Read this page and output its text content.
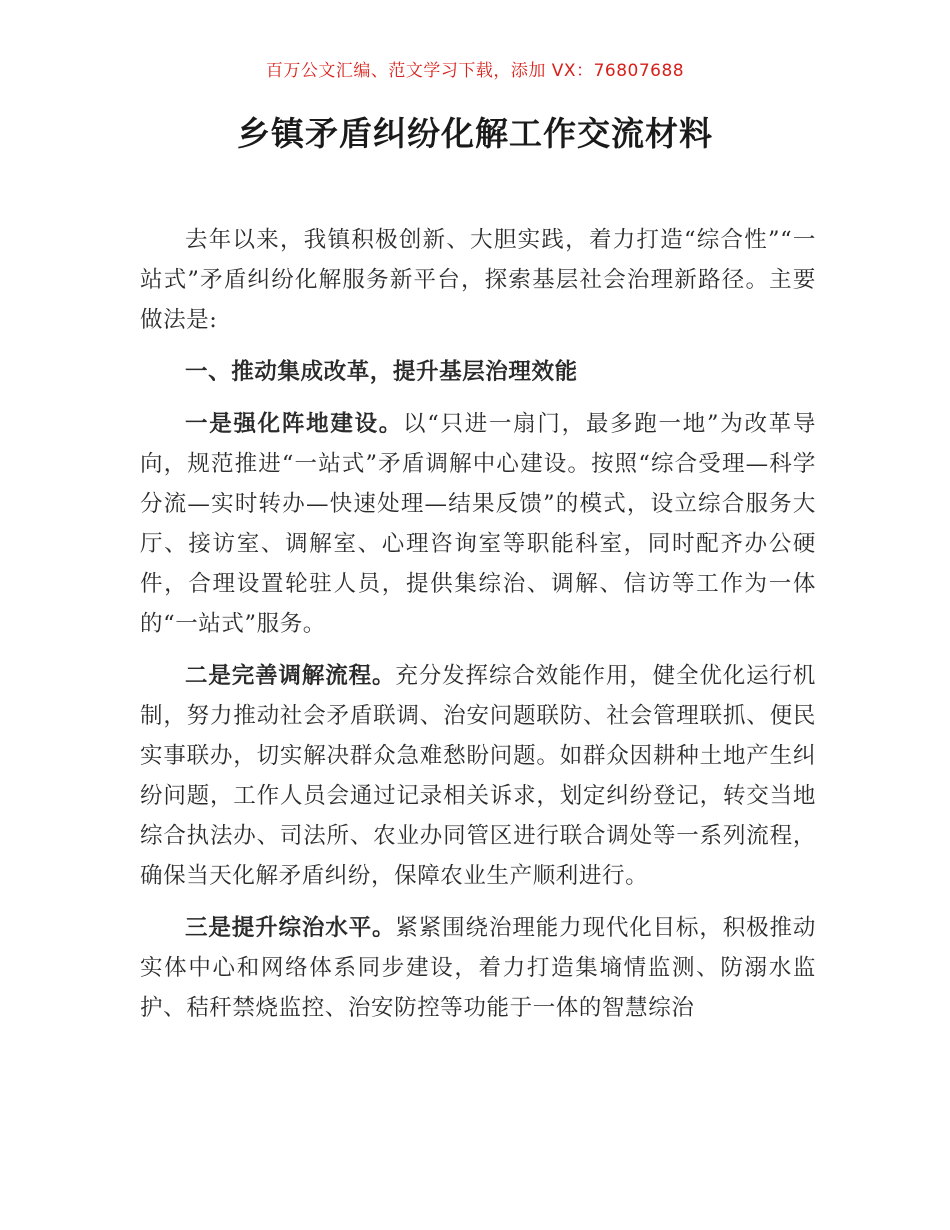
百万公文汇编、范文学习下载，添加 VX：76807688
乡镇矛盾纠纷化解工作交流材料

去年以来，我镇积极创新、大胆实践，着力打造“综合性”“一站式”矛盾纠纷化解服务新平台，探索基层社会治理新路径。主要做法是:

一、推动集成改革，提升基层治理效能

一是强化阵地建设。以“只进一扇门，最多跑一地”为改革导向，规范推进“一站式”矛盾调解中心建设。按照“综合受理—科学分流—实时转办—快速处理—结果反馈”的模式，设立综合服务大厅、接访室、调解室、心理咨询室等职能科室，同时配齐办公硬件，合理设置轮驻人员，提供集综治、调解、信访等工作为一体的“一站式”服务。

二是完善调解流程。充分发挥综合效能作用，健全优化运行机制，努力推动社会矛盾联调、治安问题联防、社会管理联抓、便民实事联办，切实解决群众急难愁盼问题。如群众因耕种土地产生纠纷问题，工作人员会通过记录相关诉求，划定纠纷登记，转交当地综合执法办、司法所、农业办同管区进行联合调处等一系列流程，确保当天化解矛盾纠纷，保障农业生产顺利进行。

三是提升综治水平。紧紧围绕治理能力现代化目标，积极推动实体中心和网络体系同步建设，着力打造集墒情监测、防溺水监护、秸秆禁烧监控、治安防控等功能于一体的智慧综治
